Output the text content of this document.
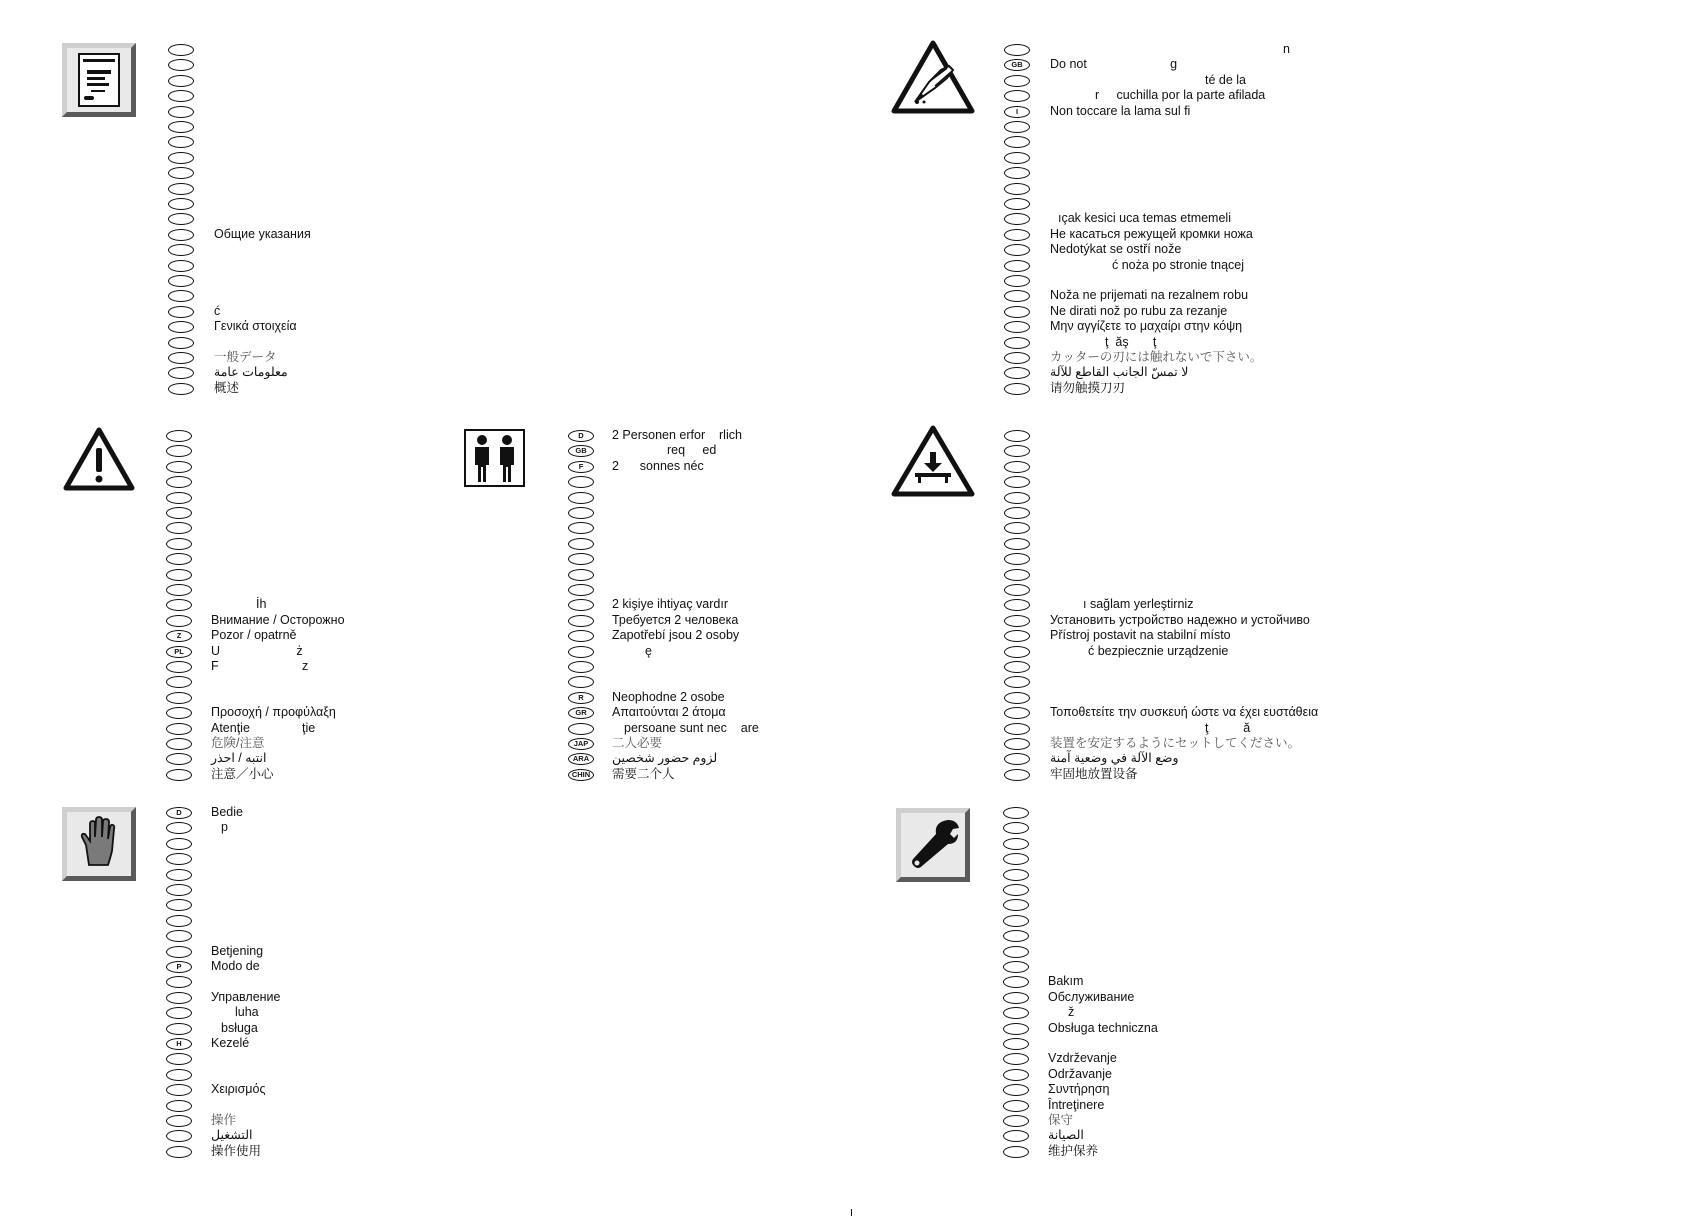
Общие указания
ć
Γενικά στοιχεία
一般データ
معلومات عامة
概述
GB
I
n
Do not                        g
té de la
r     cuchilla por la parte afilada
Non toccare la lama sul fi
ıçak kesici uca temas etmemeli
Не касаться режущей кромки ножа
Nedotýkat se ostří nože
ć noża po stronie tnącej
Noža ne prijemati na rezalnem robu
Ne dirati nož po rubu za rezanje
Μην αγγίζετε το μαχαίρι στην κόψη
ţ  ăş       ţ
カッターの刃には触れないで下さい。
لا تمسّ الجانب القاطع للآلة
请勿触摸刀刃
Z
PL
İh
Внимание / Осторожно
Pozor / opatrně
U                      ż
F                        z
Προσοχή / προφύλαξη
Atenţie               ţie
危険/注意
انتبه / احذر
注意／小心
D
GB
F
R
GR
JAP
ARA
CHIN
2 Personen erfor    rlich
req     ed
2      sonnes néc
2 kişiye ihtiyaç vardır
Требуется 2 человека
Zapotřebí jsou 2 osoby
ę
Neophodne 2 osobe
Απαιτούνται 2 άτομα
persoane sunt nec    are
二人必要
لزوم حضور شخصين
需要二个人
ı sağlam yerleştirniz
Установить устройство надежно и устойчиво
Přístroj postavit na stabilní místo
ć bezpiecznie urządzenie
Τοποθετείτε την συσκευή ώστε να έχει ευστάθεια
ţ          ă
装置を安定するようにセットしてください。
وضع الآلة في وضعية آمنة
牢固地放置设备
D
P
H
Bedie
p
Betjening
Modo de
Управление
luha
bsługa
Kezelé
Χειρισμός
操作
التشغيل
操作使用
Bakım
Обслуживание
ž
Obsługa techniczna
Vzdrževanje
Održavanje
Συντήρηση
Întreţinere
保守
الصيانة
维护保养
